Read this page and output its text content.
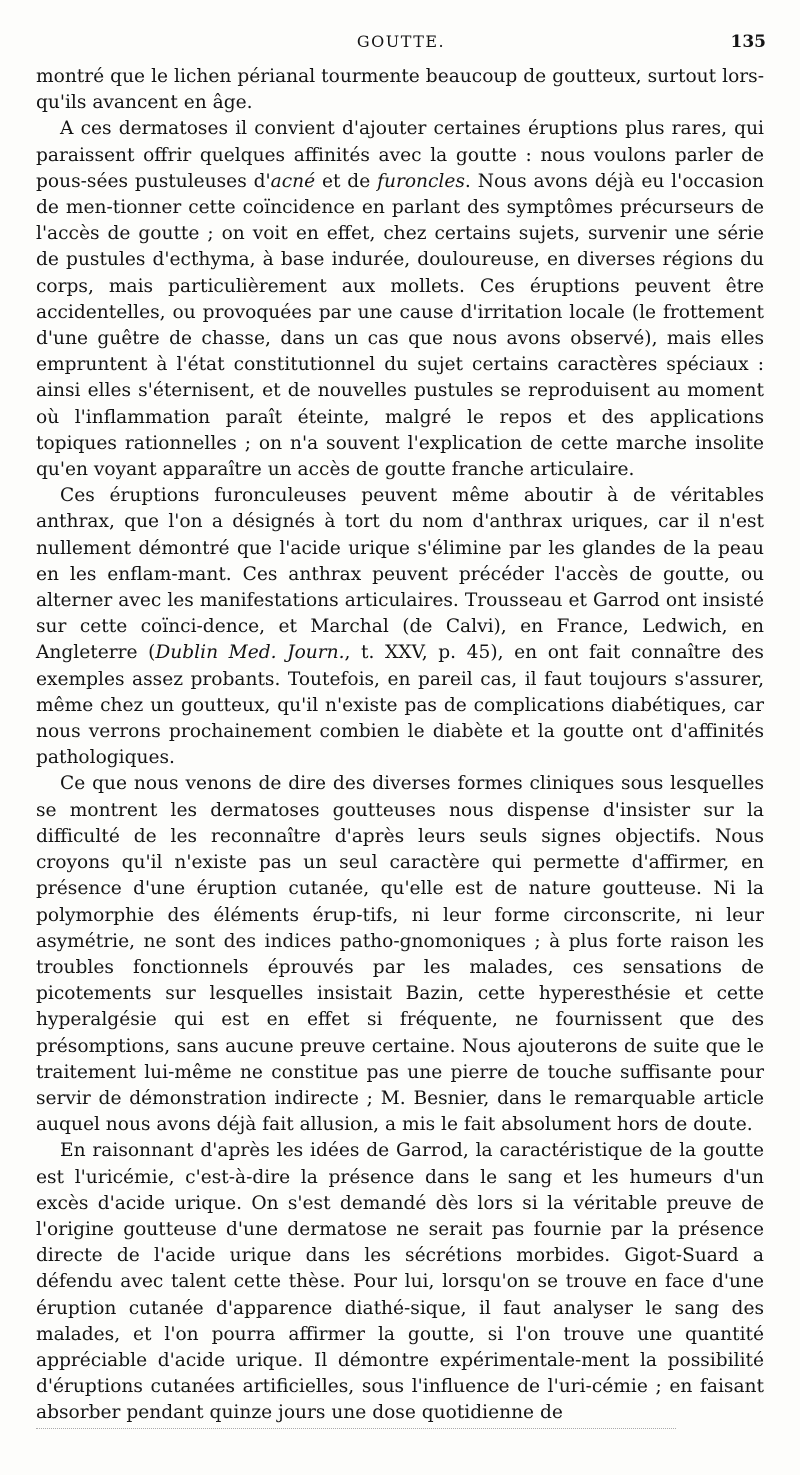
GOUTTE.	135

montré que le lichen périanal tourmente beaucoup de goutteux, surtout lors-qu'ils avancent en âge.

A ces dermatoses il convient d'ajouter certaines éruptions plus rares, qui paraissent offrir quelques affinités avec la goutte : nous voulons parler de pous-sées pustuleuses d'acné et de furoncles. Nous avons déjà eu l'occasion de men-tionner cette coïncidence en parlant des symptômes précurseurs de l'accès de goutte ; on voit en effet, chez certains sujets, survenir une série de pustules d'ecthyma, à base indurée, douloureuse, en diverses régions du corps, mais particulièrement aux mollets. Ces éruptions peuvent être accidentelles, ou provoquées par une cause d'irritation locale (le frottement d'une guêtre de chasse, dans un cas que nous avons observé), mais elles empruntent à l'état constitutionnel du sujet certains caractères spéciaux : ainsi elles s'éternisent, et de nouvelles pustules se reproduisent au moment où l'inflammation paraît éteinte, malgré le repos et des applications topiques rationnelles ; on n'a souvent l'explication de cette marche insolite qu'en voyant apparaître un accès de goutte franche articulaire.

Ces éruptions furonculeuses peuvent même aboutir à de véritables anthrax, que l'on a désignés à tort du nom d'anthrax uriques, car il n'est nullement démontré que l'acide urique s'élimine par les glandes de la peau en les enflam-mant. Ces anthrax peuvent précéder l'accès de goutte, ou alterner avec les manifestations articulaires. Trousseau et Garrod ont insisté sur cette coïnci-dence, et Marchal (de Calvi), en France, Ledwich, en Angleterre (Dublin Med. Journ., t. XXV, p. 45), en ont fait connaître des exemples assez probants. Toutefois, en pareil cas, il faut toujours s'assurer, même chez un goutteux, qu'il n'existe pas de complications diabétiques, car nous verrons prochainement combien le diabète et la goutte ont d'affinités pathologiques.

Ce que nous venons de dire des diverses formes cliniques sous lesquelles se montrent les dermatoses goutteuses nous dispense d'insister sur la difficulté de les reconnaître d'après leurs seuls signes objectifs. Nous croyons qu'il n'existe pas un seul caractère qui permette d'affirmer, en présence d'une éruption cutanée, qu'elle est de nature goutteuse. Ni la polymorphie des éléments érup-tifs, ni leur forme circonscrite, ni leur asymétrie, ne sont des indices patho-gnomoniques ; à plus forte raison les troubles fonctionnels éprouvés par les malades, ces sensations de picotements sur lesquelles insistait Bazin, cette hyperesthésie et cette hyperalgésie qui est en effet si fréquente, ne fournissent que des présomptions, sans aucune preuve certaine. Nous ajouterons de suite que le traitement lui-même ne constitue pas une pierre de touche suffisante pour servir de démonstration indirecte ; M. Besnier, dans le remarquable article auquel nous avons déjà fait allusion, a mis le fait absolument hors de doute.

En raisonnant d'après les idées de Garrod, la caractéristique de la goutte est l'uricémie, c'est-à-dire la présence dans le sang et les humeurs d'un excès d'acide urique. On s'est demandé dès lors si la véritable preuve de l'origine goutteuse d'une dermatose ne serait pas fournie par la présence directe de l'acide urique dans les sécrétions morbides. Gigot-Suard a défendu avec talent cette thèse. Pour lui, lorsqu'on se trouve en face d'une éruption cutanée d'apparence diathé-sique, il faut analyser le sang des malades, et l'on pourra affirmer la goutte, si l'on trouve une quantité appréciable d'acide urique. Il démontre expérimentale-ment la possibilité d'éruptions cutanées artificielles, sous l'influence de l'uri-cémie ; en faisant absorber pendant quinze jours une dose quotidienne de
